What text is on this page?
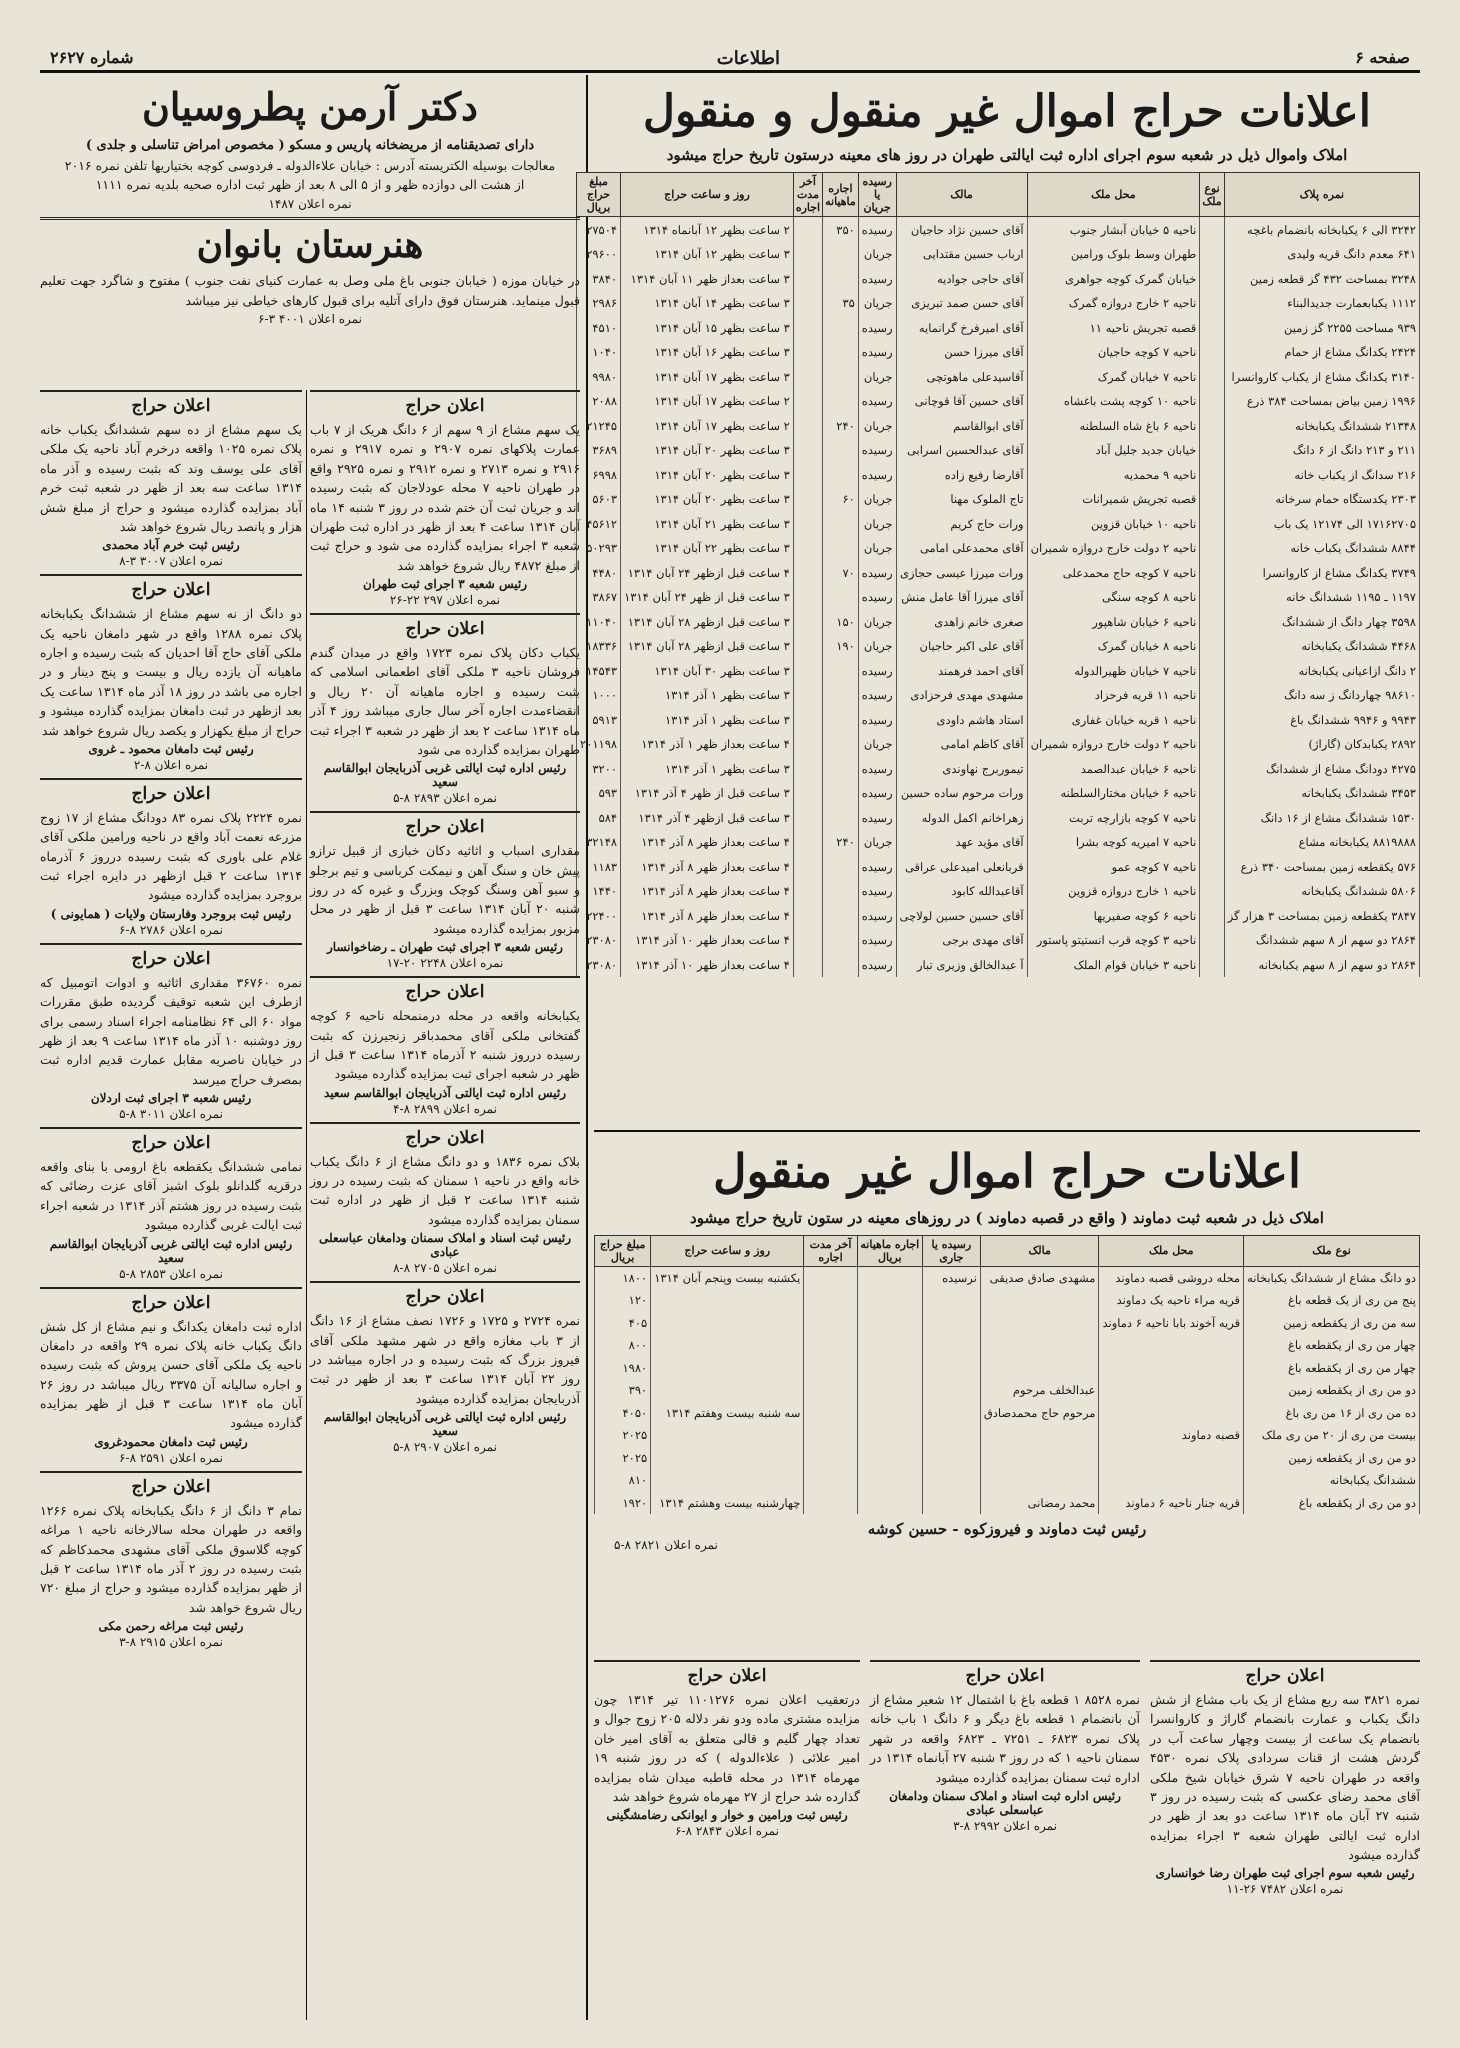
صفحه ۶
اطلاعات
شماره ۲۶۲۷
اعلانات حراج اموال غیر منقول و منقول
املاک واموال ذیل در شعبه سوم اجرای اداره ثبت ایالتی طهران در روز های معینه درستون تاریخ حراج میشود
نمره پلاک	نوع ملک	محل ملک	مالک	رسیده یا جریان	اجاره ماهیانه	آخر مدت اجاره	روز و ساعت حراج	مبلغ حراج بریال
۳۲۴۲ الی ۶ یکبابخانه بانضمام باغچه		ناحیه ۵ خیابان آبشار جنوب	آقای حسین نژاد حاجیان	رسیده	۳۵۰		۲ ساعت بظهر ۱۲ آبانماه ۱۳۱۴	۲۷۵۰۴
۶۴۱ معدم دانگ قریه ولیدی		طهران وسط بلوک ورامین	ارباب حسین مقتدایی	جریان			۳ ساعت بظهر ۱۲ آبان ۱۳۱۴	۲۹۶۰۰
۳۲۴۸ بمساحت ۴۳۲ گز قطعه زمین		خیابان گمرک کوچه جواهری	آقای حاجی جوادیه	رسیده			۳ ساعت بعداز ظهر ۱۱ آبان ۱۳۱۴	۳۸۴۰
۱۱۱۲ یکبابعمارت جدیدالبناء		ناحیه ۲ خارج دروازه گمرک	آقای حسن صمد تبریزی	جریان	۳۵		۳ ساعت بظهر ۱۴ آبان ۱۳۱۴	۲۹۸۶
۹۳۹ مساحت ۲۲۵۵ گز زمین		قصبه تجریش ناحیه ۱۱	آقای امیرفرخ گرانمایه	رسیده			۳ ساعت بظهر ۱۵ آبان ۱۳۱۴	۴۵۱۰
۲۴۲۴ یکدانگ مشاع از حمام		ناحیه ۷ کوچه حاجیان	آقای میرزا حسن	رسیده			۳ ساعت بظهر ۱۶ آبان ۱۳۱۴	۱۰۴۰
۳۱۴۰ یکدانگ مشاع از یکباب کاروانسرا		ناحیه ۷ خیابان گمرک	آقاسیدعلی ماهوتچی	جریان			۳ ساعت بظهر ۱۷ آبان ۱۳۱۴	۹۹۸۰
۱۹۹۶ زمین بیاض بمساحت ۳۸۴ ذرع		ناحیه ۱۰ کوچه پشت باغشاه	آقای حسین آقا قوچانی	رسیده			۲ ساعت بظهر ۱۷ آبان ۱۳۱۴	۲۰۸۸
۲۱۳۴۸ ششدانگ یکبابخانه		ناحیه ۶ باغ شاه السلطنه	آقای ابوالقاسم	جریان	۲۴۰		۲ ساعت بظهر ۱۷ آبان ۱۳۱۴	۲۱۲۴۵
۲۱۱ و ۲۱۳ دانگ از ۶ دانگ		خیابان جدید جلیل آباد	آقای عبدالحسین اسرابی	رسیده			۳ ساعت بظهر ۲۰ آبان ۱۳۱۴	۳۶۸۹
۲۱۶ سدانگ از یکباب خانه		ناحیه ۹ محمدیه	آقارضا رفیع زاده	رسیده			۳ ساعت بظهر ۲۰ آبان ۱۳۱۴	۶۹۹۸
۲۳۰۳ یکدستگاه حمام سرخانه		قصبه تجریش شمیرانات	تاج الملوک مهنا	جریان	۶۰		۳ ساعت بظهر ۲۰ آبان ۱۳۱۴	۵۶۰۳
۱۷۱۶۲۷۰۵ الی ۱۲۱۷۴ یک باب		ناحیه ۱۰ خیابان قزوین	ورات حاج کریم	جریان			۳ ساعت بظهر ۲۱ آبان ۱۳۱۴	۴۵۶۱۲
۸۸۴۴ ششدانگ یکباب خانه		ناحیه ۲ دولت خارج دروازه شمیران	آقای محمدعلی امامی	جریان			۳ ساعت بظهر ۲۲ آبان ۱۳۱۴	۵۰۲۹۳
۳۷۴۹ یکدانگ مشاع از کاروانسرا		ناحیه ۷ کوچه حاج محمدعلی	ورات میرزا عیسی حجازی	رسیده	۷۰		۴ ساعت قبل ازظهر ۲۴ آبان ۱۳۱۴	۴۴۸۰
۱۱۹۷ ـ ۱۱۹۵ ششدانگ خانه		ناحیه ۸ کوچه سنگی	آقای میرزا آقا عامل منش	رسیده			۳ ساعت قبل از ظهر ۲۴ آبان ۱۳۱۴	۳۸۶۷
۳۵۹۸ چهار دانگ از ششدانگ		ناحیه ۶ خیابان شاهپور	صغری خانم زاهدی	جریان	۱۵۰		۳ ساعت قبل ازظهر ۲۸ آبان ۱۳۱۴	۱۱۰۴۰
۴۴۶۸ ششدانگ یکبابخانه		ناحیه ۸ خیابان گمرک	آقای علی اکبر حاجیان	جریان	۱۹۰		۳ ساعت قبل ازظهر ۲۸ آبان ۱۳۱۴	۱۸۳۳۶
۲ دانگ ازاعیانی یکبابخانه		ناحیه ۷ خیابان ظهیرالدوله	آقای احمد فرهمند	رسیده			۳ ساعت بظهر ۳۰ آبان ۱۳۱۴	۱۴۵۴۳
۹۸۶۱۰ چهاردانگ ز سه دانگ		ناحیه ۱۱ قریه فرحزاد	مشهدی مهدی فرحزادی	رسیده			۳ ساعت بظهر ۱ آذر ۱۳۱۴	۱۰۰۰
۹۹۴۳ و ۹۹۴۶ ششدانگ باغ		ناحیه ۱ قریه خیابان غفاری	استاد هاشم داودی	رسیده			۳ ساعت بظهر ۱ آذر ۱۳۱۴	۵۹۱۳
۲۸۹۲ یکبابدکان (گاراژ)		ناحیه ۲ دولت خارج دروازه شمیران	آقای کاظم امامی	جریان			۴ ساعت بعداز ظهر ۱ آذر ۱۳۱۴	۲۰۱۱۹۸
۴۲۷۵ دودانگ مشاع از ششدانگ		ناحیه ۶ خیابان عبدالصمد	تیموربرج نهاوندی	رسیده			۳ ساعت بظهر ۱ آذر ۱۳۱۴	۳۲۰۰
۳۴۵۳ ششدانگ یکبابخانه		ناحیه ۶ خیابان مختارالسلطنه	ورات مرحوم ساده حسین	رسیده			۳ ساعت قبل از ظهر ۴ آذر ۱۳۱۴	۵۹۳
۱۵۳۰ ششدانگ مشاع از ۱۶ دانگ		ناحیه ۷ کوچه بازارچه تربت	زهراخانم اکمل الدوله	رسیده			۳ ساعت قبل ازظهر ۴ آذر ۱۳۱۴	۵۸۴
۸۸۱۹۸۸۸ یکبابخانه مشاع		ناحیه ۷ امیریه کوچه بشرا	آقای مؤید عهد	جریان	۲۴۰		۴ ساعت بعداز ظهر ۸ آذر ۱۳۱۴	۳۲۱۴۸
۵۷۶ یکقطعه زمین بمساحت ۳۴۰ ذرع		ناحیه ۷ کوچه عمو	قربانعلی امیدعلی عراقی	رسیده			۴ ساعت بعداز ظهر ۸ آذر ۱۳۱۴	۱۱۸۳
۵۸۰۶ ششدانگ یکبابخانه		ناحیه ۱ خارج دروازه قزوین	آقاعبدالله کابود	رسیده			۴ ساعت بعداز ظهر ۸ آذر ۱۳۱۴	۱۴۴۰
۳۸۴۷ یکقطعه زمین بمساحت ۳ هزار گز		ناحیه ۶ کوچه صفیریها	آقای حسین حسین لولاچی	رسیده			۴ ساعت بعداز ظهر ۸ آذر ۱۳۱۴	۲۲۴۰۰
۲۸۶۴ دو سهم از ۸ سهم ششدانگ		ناحیه ۳ کوچه قرب انستیتو پاستور	آقای مهدی برجی	رسیده			۴ ساعت بعداز ظهر ۱۰ آذر ۱۳۱۴	۲۳۰۸۰
۲۸۶۴ دو سهم از ۸ سهم یکبابخانه		ناحیه ۳ خیابان قوام الملک	آ عبدالخالق وزیری تبار	رسیده			۴ ساعت بعداز ظهر ۱۰ آذر ۱۳۱۴	۲۳۰۸۰
اعلانات حراج اموال غیر منقول
املاک ذیل در شعبه ثبت دماوند ( واقع در قصبه دماوند ) در روزهای معینه در ستون تاریخ حراج میشود
نوع ملک	محل ملک	مالک	رسیده یا جاری	اجاره ماهیانه بریال	آخر مدت اجاره	روز و ساعت حراج	مبلغ حراج بریال
دو دانگ مشاع از ششدانگ یکبابخانه	محله دروشی قصبه دماوند	مشهدی صادق صدیقی	نرسیده			یکشنبه بیست وپنجم آبان ۱۳۱۴	۱۸۰۰
پنج من ری از یک قطعه باغ	قریه مراء ناحیه یک دماوند						۱۲۰
سه من ری از یکقطعه زمین	قریه آخوند بابا ناحیه ۶ دماوند						۴۰۵
چهار من ری از یکقطعه باغ							۸۰۰
چهار من ری از یکقطعه باغ							۱۹۸۰
دو من ری از یکقطعه زمین		عبدالخلف مرحوم					۳۹۰
ده من ری از ۱۶ من ری باغ		مرحوم حاج محمدصادق				سه شنبه بیست وهفتم ۱۳۱۴	۴۰۵۰
بیست من ری از ۲۰ من ری ملک	قصبه دماوند						۲۰۲۵
دو من ری از یکقطعه زمین							۲۰۲۵
ششدانگ یکبابخانه							۸۱۰
دو من ری از یکقطعه باغ	قریه جنار ناحیه ۶ دماوند	محمد رمضانی				چهارشنبه بیست وهشتم ۱۳۱۴	۱۹۲۰
رئیس ثبت دماوند و فیروزکوه - حسین کوشه
نمره اعلان ۲۸۲۱ ۸-۵
اعلان حراج
نمره ۳۸۲۱ سه ربع مشاع از یک باب مشاع از شش دانگ یکباب و عمارت بانضمام گاراژ و کاروانسرا بانضمام یک ساعت از بیست وچهار ساعت آب در گردش هشت از قنات سردادی پلاک نمره ۴۵۳۰ واقعه در طهران ناحیه ۷ شرق خیابان شیخ ملکی آقای محمد رضای عکسی که بثبت رسیده در روز ۳ شنبه ۲۷ آبان ماه ۱۳۱۴ ساعت دو بعد از ظهر در اداره ثبت ایالتی طهران شعبه ۳ اجراء بمزایده گذارده میشود
رئیس شعبه سوم اجرای ثبت طهران رضا خوانساری
نمره اعلان ۷۴۸۲ ۲۶-۱۱
اعلان حراج
نمره ۸۵۲۸ ۱ قطعه باغ با اشتمال ۱۲ شعیر مشاع از آن بانضمام ۱ قطعه باغ دیگر و ۶ دانگ ۱ باب خانه پلاک نمره ۶۸۲۳ ـ ۷۲۵۱ ـ ۶۸۲۳ واقعه در شهر سمنان ناحیه ۱ که در روز ۳ شنبه ۲۷ آبانماه ۱۳۱۴ در اداره ثبت سمنان بمزایده گذارده میشود
رئیس اداره ثبت اسناد و املاک سمنان ودامغان عباسعلی عبادی
نمره اعلان ۲۹۹۲ ۸-۳
اعلان حراج
درتعقیب اعلان نمره ۱۱۰۱۲۷۶ تیر ۱۳۱۴ چون مزایده مشتری ماده ودو نفر دلاله ۲۰۵ زوج جوال و تعداد چهار گلیم و قالی متعلق به آقای امیر خان امیر علائی ( علاءالدوله ) که در روز شنبه ۱۹ مهرماه ۱۳۱۴ در محله قاطبه میدان شاه بمزایده گذارده شد حراج از ۲۷ مهرماه شروع خواهد شد
رئیس ثبت ورامین و خوار و ایوانکی رضامشگینی
نمره اعلان ۲۸۴۳ ۸-۶
دکتر آرمن پطروسیان
دارای تصدیقنامه از مریضخانه پاریس و مسکو ( مخصوص امراض تناسلی و جلدی )
معالجات بوسیله الکتریسته آدرس : خیابان علاءالدوله ـ فردوسی کوچه بختیاریها تلفن نمره ۲۰۱۶
از هشت الی دوازده ظهر و از ۵ الی ۸ بعد از ظهر ثبت اداره صحیه بلدیه نمره ۱۱۱۱
نمره اعلان ۱۴۸۷
هنرستان بانوان
در خیابان موزه ( خیابان جنوبی باغ ملی وصل به عمارت کنیای نفت جنوب ) مفتوح و شاگرد جهت تعلیم قبول مینماید. هنرستان فوق دارای آتلیه برای قبول کارهای خیاطی نیز میباشد
نمره اعلان ۴۰۰۱ ۳-۶
اعلان حراج
یک سهم مشاع از ۹ سهم از ۶ دانگ هریک از ۷ باب عمارت پلاکهای نمره ۲۹۰۷ و نمره ۲۹۱۷ و نمره ۲۹۱۶ و نمره ۲۷۱۳ و نمره ۲۹۱۲ و نمره ۲۹۲۵ واقع در طهران ناحیه ۷ محله عودلاجان که بثبت رسیده اند و جریان ثبت آن ختم شده در روز ۳ شنبه ۱۴ ماه آبان ۱۳۱۴ ساعت ۴ بعد از ظهر در اداره ثبت طهران شعبه ۳ اجراء بمزایده گذارده می شود و حراج ثبت از مبلغ ۴۸۷۲ ریال شروع خواهد شد
رئیس شعبه ۳ اجرای ثبت طهران
نمره اعلان ۲۹۷ ۲۲-۲۶
اعلان حراج
یکباب دکان پلاک نمره ۱۷۲۳ واقع در میدان گندم فروشان ناحیه ۳ ملکی آقای اطعمانی اسلامی که بثبت رسیده و اجاره ماهیانه آن ۲۰ ریال و انقضاءمدت اجاره آخر سال جاری میباشد روز ۴ آذر ماه ۱۳۱۴ ساعت ۲ بعد از ظهر در شعبه ۳ اجراء ثبت طهران بمزایده گذارده می شود
رئیس اداره ثبت ایالتی غربی آذربایجان ابوالقاسم سعید
نمره اعلان ۲۸۹۳ ۸-۵
اعلان حراج
مقداری اسباب و اثاثیه دکان خبازی از قبیل ترازو پیش خان و سنگ آهن و نیمکت کرباسی و تیم برجلو و سبو آهن وسنگ کوچک وبزرگ و غیره که در روز شنبه ۲۰ آبان ۱۳۱۴ ساعت ۳ قبل از ظهر در محل مزبور بمزایده گذارده میشود
رئیس شعبه ۳ اجرای ثبت طهران ـ رضاخوانسار
نمره اعلان ۲۲۴۸ ۲۰-۱۷
اعلان حراج
یکبابخانه واقعه در محله درمنمحله ناحیه ۶ کوچه گفتخانی ملکی آقای محمدباقر زنجیرزن که بثبت رسیده درروز شنبه ۲ آذرماه ۱۳۱۴ ساعت ۳ قبل از ظهر در شعبه اجرای ثبت بمزایده گذارده میشود
رئیس اداره ثبت ایالتی آذربایجان ابوالقاسم سعید
نمره اعلان ۲۸۹۹ ۸-۴
اعلان حراج
بلاک نمره ۱۸۳۶ و دو دانگ مشاع از ۶ دانگ یکباب خانه واقع در ناحیه ۱ سمنان که بثبت رسیده در روز شنبه ۱۳۱۴ ساعت ۲ قبل از ظهر در اداره ثبت سمنان بمزایده گذارده میشود
رئیس ثبت اسناد و املاک سمنان ودامغان عباسعلی عبادی
نمره اعلان ۲۷۰۵ ۸-۸
اعلان حراج
نمره ۲۷۲۴ و ۱۷۲۵ و ۱۷۲۶ نصف مشاع از ۱۶ دانگ از ۳ باب مغازه واقع در شهر مشهد ملکی آقای فیروز بزرگ که بثبت رسیده و در اجاره میباشد در روز ۲۲ آبان ۱۳۱۴ ساعت ۳ بعد از ظهر در ثبت آذربایجان بمزایده گذارده میشود
رئیس اداره ثبت ایالتی غربی آذربایجان ابوالقاسم سعید
نمره اعلان ۲۹۰۷ ۸-۵
اعلان حراج
یک سهم مشاع از ده سهم ششدانگ یکباب خانه پلاک نمره ۱۰۲۵ واقعه درخرم آباد ناحیه یک ملکی آقای علی یوسف وند که بثبت رسیده و آذر ماه ۱۳۱۴ ساعت سه بعد از ظهر در شعبه ثبت خرم آباد بمزایده گذارده میشود و حراج از مبلغ شش هزار و پانصد ریال شروع خواهد شد
رئیس ثبت خرم آباد محمدی
نمره اعلان ۳۰۰۷ ۳-۸
اعلان حراج
دو دانگ از نه سهم مشاع از ششدانگ یکبابخانه پلاک نمره ۱۲۸۸ واقع در شهر دامغان ناحیه یک ملکی آقای حاج آقا احدیان که بثبت رسیده و اجاره ماهیانه آن یازده ریال و بیست و پنج دینار و در اجاره می باشد در روز ۱۸ آذر ماه ۱۳۱۴ ساعت یک بعد ازظهر در ثبت دامغان بمزایده گذارده میشود و حراج از مبلغ یکهزار و یکصد ریال شروع خواهد شد
رئیس ثبت دامغان محمود ـ غروی
نمره اعلان ۸-۲
اعلان حراج
نمره ۲۲۲۴ پلاک نمره ۸۳ دودانگ مشاع از ۱۷ زوج مزرعه نعمت آباد واقع در ناحیه ورامین ملکی آقای غلام علی باوری که بثبت رسیده درروز ۶ آذرماه ۱۳۱۴ ساعت ۲ قبل ازظهر در دایره اجراء ثبت بروجرد بمزایده گذارده میشود
رئیس ثبت بروجرد وفارستان ولایات ( همایونی )
نمره اعلان ۲۷۸۶ ۸-۶
اعلان حراج
نمره ۳۶۷۶۰ مقداری اثاثیه و ادوات اتومبیل که ازطرف این شعبه توقیف گردیده طبق مقررات مواد ۶۰ الی ۶۴ نظامنامه اجراء اسناد رسمی برای روز دوشنبه ۱۰ آذر ماه ۱۳۱۴ ساعت ۹ بعد از ظهر در خیابان ناصریه مقابل عمارت قدیم اداره ثبت بمصرف حراج میرسد
رئیس شعبه ۳ اجرای ثبت اردلان
نمره اعلان ۳۰۱۱ ۸-۵
اعلان حراج
نمامی ششدانگ یکقطعه باغ ارومی با بنای واقعه درقریه گلدانلو بلوک اشبز آقای عزت رضائی که بثبت رسیده در روز هشتم آذر ۱۳۱۴ در شعبه اجراء ثبت ایالت غربی گذارده میشود
رئیس اداره ثبت ایالتی غربی آذربایجان ابوالقاسم سعید
نمره اعلان ۲۸۵۳ ۸-۵
اعلان حراج
اداره ثبت دامغان یکدانگ و نیم مشاع از کل شش دانگ یکباب خانه پلاک نمره ۲۹ واقعه در دامغان ناحیه یک ملکی آقای حسن پروش که بثبت رسیده و اجاره سالیانه آن ۳۳۷۵ ریال میباشد در روز ۲۶ آبان ماه ۱۳۱۴ ساعت ۳ قبل از ظهر بمزایده گذارده میشود
رئیس ثبت دامغان محمودغروی
نمره اعلان ۲۵۹۱ ۸-۶
اعلان حراج
تمام ۳ دانگ از ۶ دانگ یکبابخانه پلاک نمره ۱۲۶۶ واقعه در طهران محله سالارخانه ناحیه ۱ مراغه کوچه گلاسوق ملکی آقای مشهدی محمدکاظم که بثبت رسیده در روز ۲ آذر ماه ۱۳۱۴ ساعت ۲ قبل از ظهر بمزایده گذارده میشود و حراج از مبلغ ۷۲۰ ریال شروع خواهد شد
رئیس ثبت مراغه رحمن مکی
نمره اعلان ۲۹۱۵ ۸-۳
